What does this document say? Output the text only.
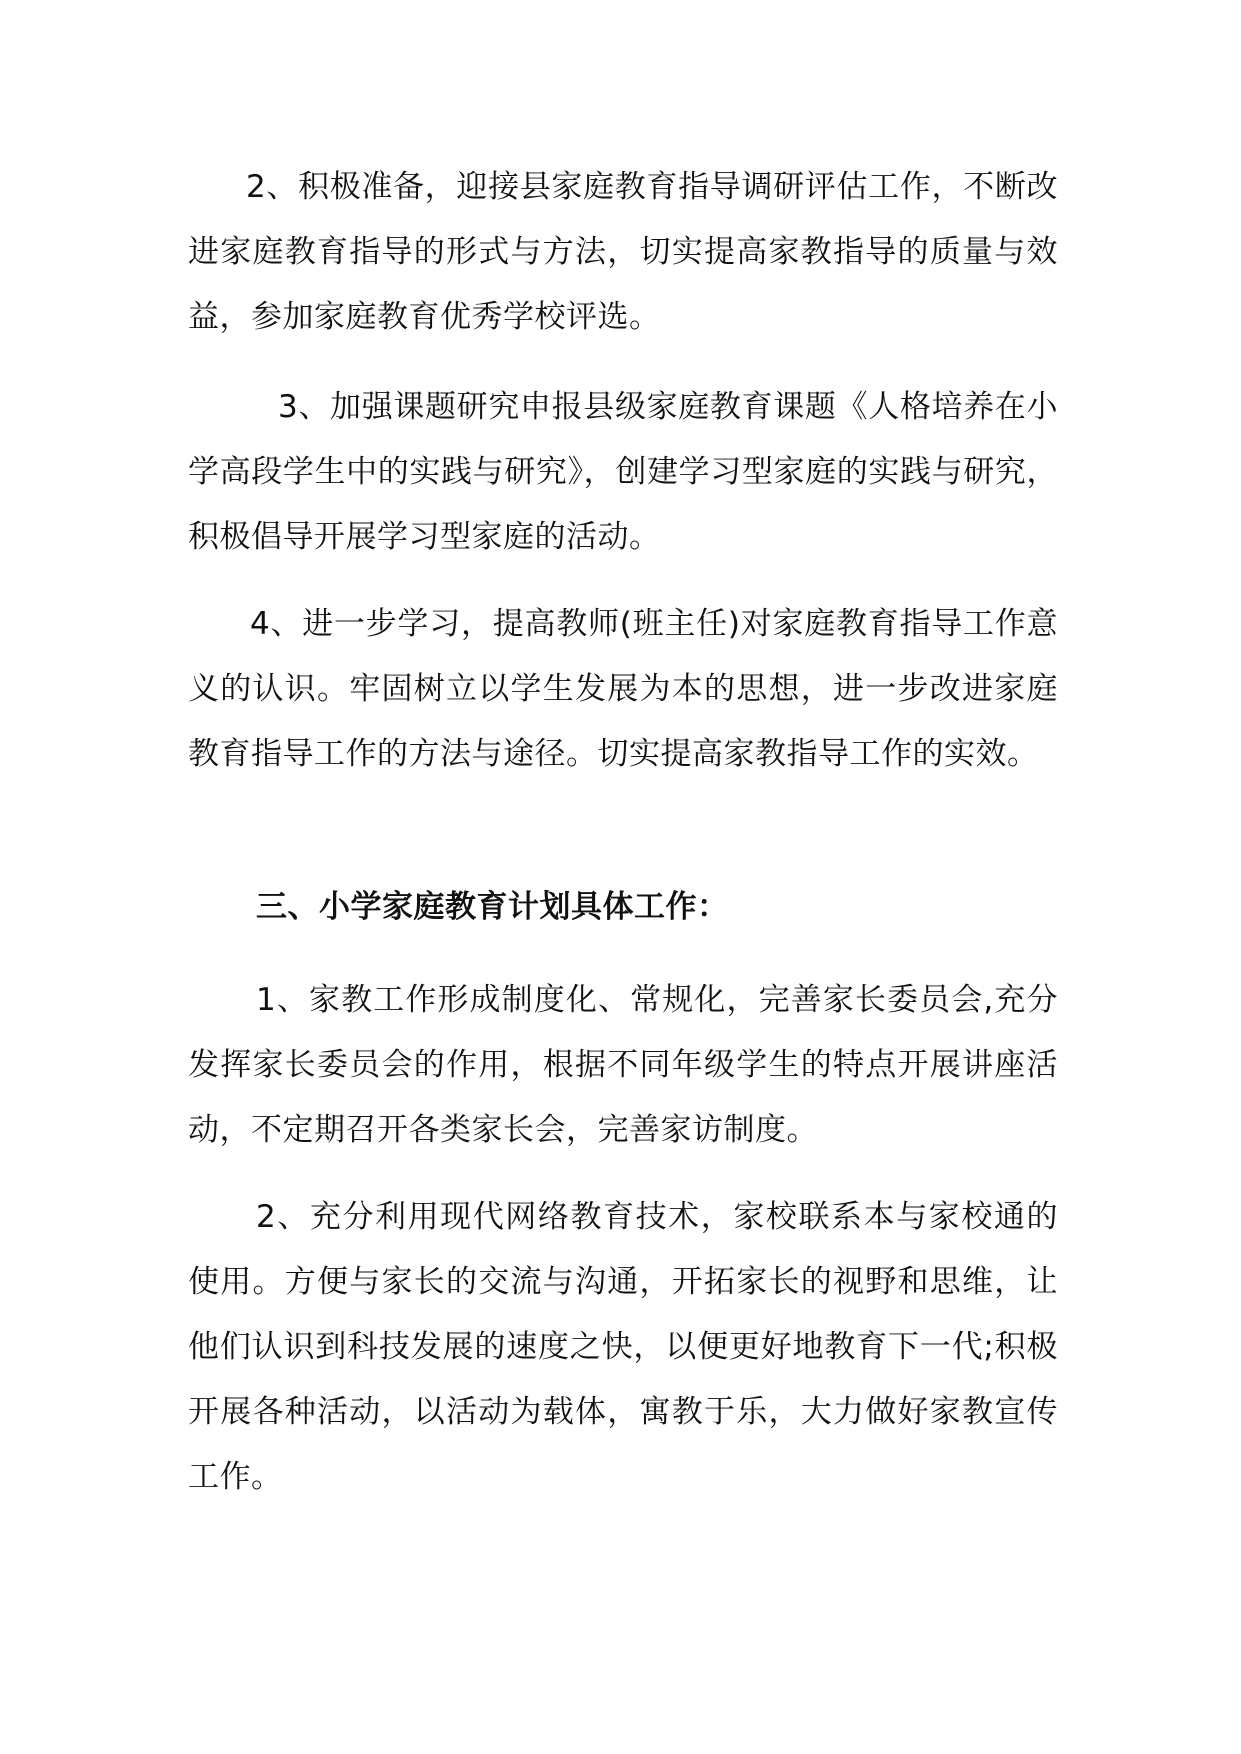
2、积极准备，迎接县家庭教育指导调研评估工作，不断改进家庭教育指导的形式与方法，切实提高家教指导的质量与效益，参加家庭教育优秀学校评选。

3、加强课题研究申报县级家庭教育课题《人格培养在小学高段学生中的实践与研究》，创建学习型家庭的实践与研究，积极倡导开展学习型家庭的活动。

4、进一步学习，提高教师(班主任)对家庭教育指导工作意义的认识。牢固树立以学生发展为本的思想，进一步改进家庭教育指导工作的方法与途径。切实提高家教指导工作的实效。

三、小学家庭教育计划具体工作：

1、家教工作形成制度化、常规化，完善家长委员会,充分发挥家长委员会的作用，根据不同年级学生的特点开展讲座活动，不定期召开各类家长会，完善家访制度。

2、充分利用现代网络教育技术，家校联系本与家校通的使用。方便与家长的交流与沟通，开拓家长的视野和思维，让他们认识到科技发展的速度之快，以便更好地教育下一代;积极开展各种活动，以活动为载体，寓教于乐，大力做好家教宣传工作。
